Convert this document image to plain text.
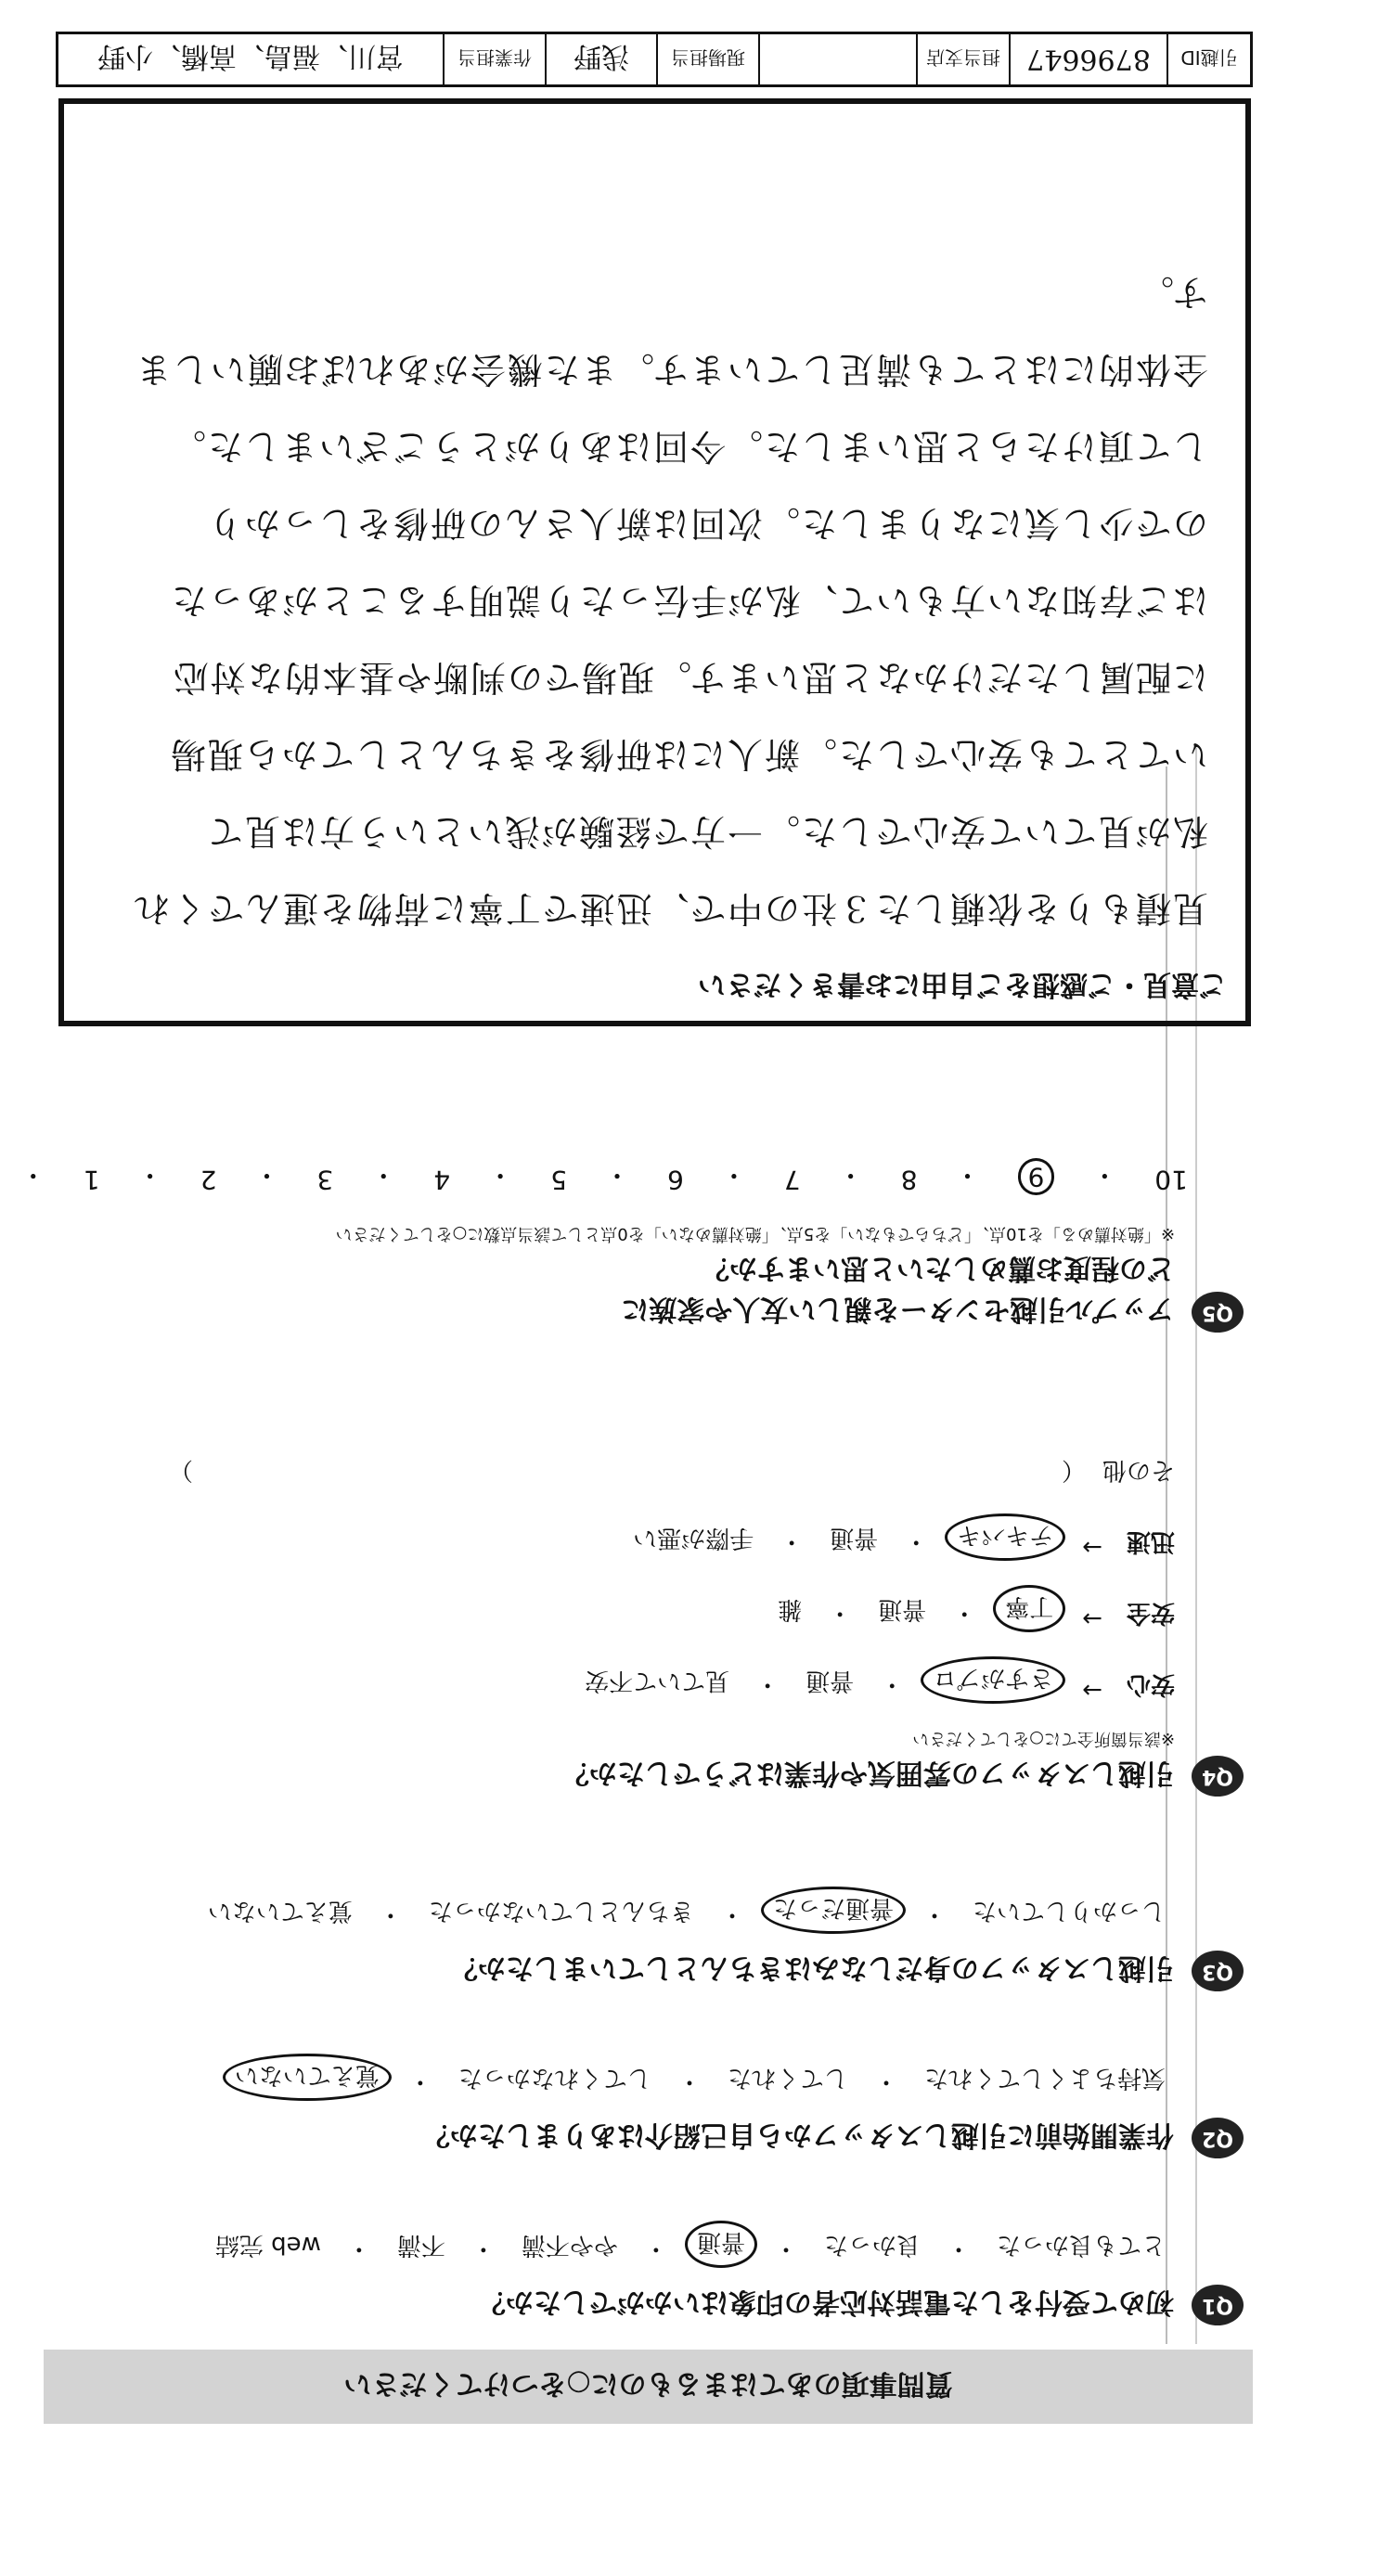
質問事項のあてはまるものに○をつけてください
Q1 初めて受付をした電話対応者の印象はいかがでしたか？
とても良かった
・
良かった
・
普通
・
やや不満
・
不満
・
web 完結
Q2 作業開始前に引越しスタッフから自己紹介はありましたか？
気持ちよくしてくれた
・
してくれた
・
してくれなかった
・
覚えていない
Q3 引越しスタッフの身だしなみはきちんとしていましたか？
しっかりしていた
・
普通だった
・
きちんとしていなかった
・
覚えていない
Q4 引越しスタッフの雰囲気や作業はどうでしたか？
※該当箇所全てに○をしてください
安心
→
さすがプロ
・
普通
・
見ていて不安
安全
→
丁寧
・
普通
・
雑
迅速
→
テキパキ
・
普通
・
手際が悪い
その他
（
）
Q5 アップル引越センターを親しい友人や家族に
どの程度お薦めしたいと思いますか？
※「絶対薦める」を10点、「どちらでもない」を5点、「絶対薦めない」を0点として該当点数に○をしてください
10
・
9
・
8
・
7
・
6
・
5
・
4
・
3
・
2
・
1
・
ご意見・ご感想をご自由にお書きください
見積もりを依頼した３社の中で、迅速で丁寧に荷物を運んでくれ
私が見ていて安心でした。一方で経験が浅いという方は見て
いてとても安心でした。新人には研修をきちんとしてから現場
に配属しただけかなと思います。現場での判断や基本的な対応
はご存知ない方もいて、私が手伝ったり説明することがあった
ので少し気になりました。次回は新人さんの研修をしっかり
して頂けたらと思いました。今回はありがとうございました。
全体的にはとても満足しています。また機会があればお願いします。
引越ID
8796647
担当支店
現場担当
浅野
作業担当
宮川、福島、高橋、小野
